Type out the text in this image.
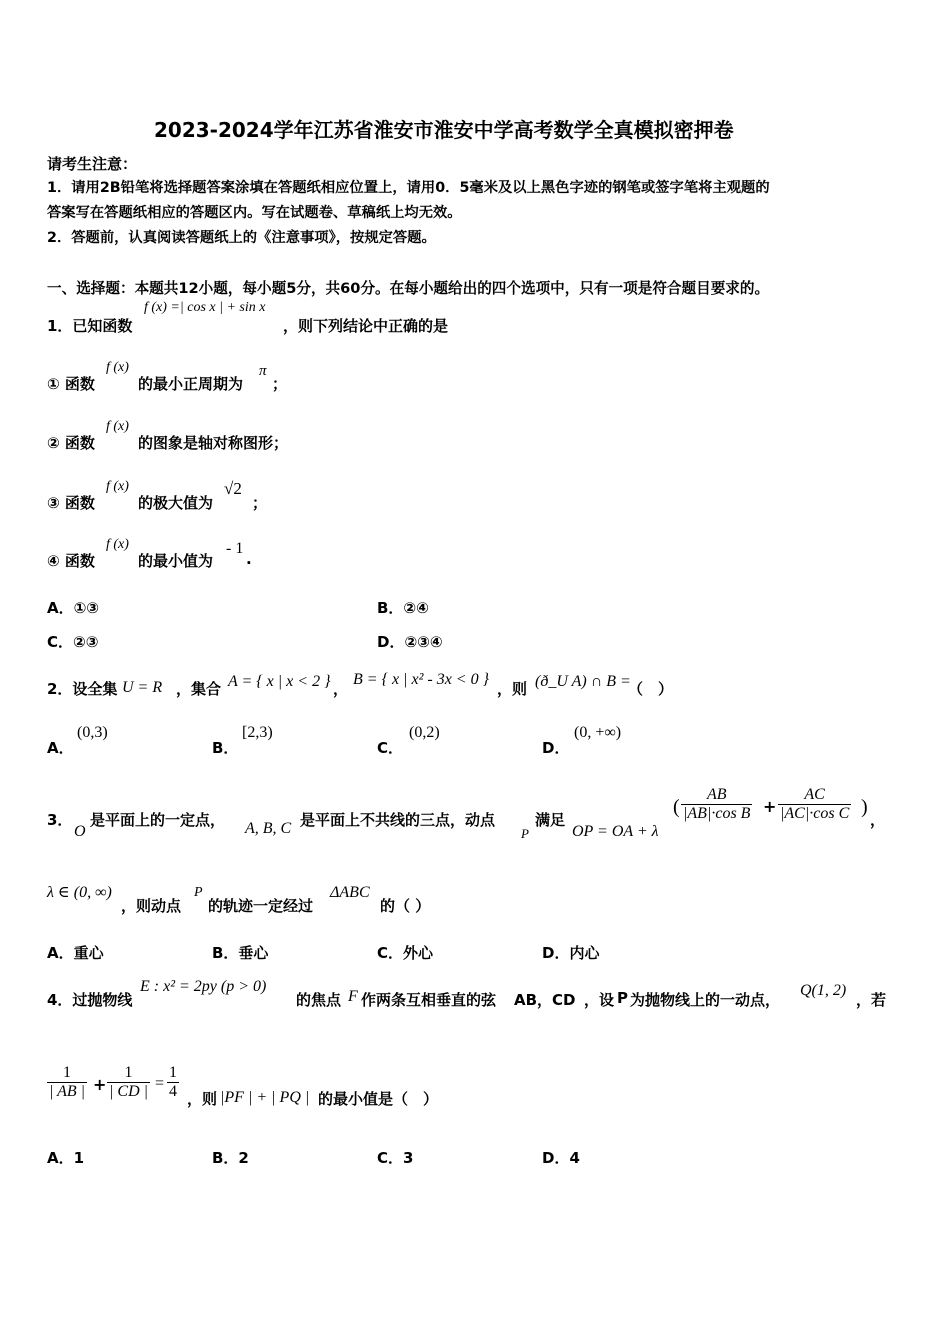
2023-2024学年江苏省淮安市淮安中学高考数学全真模拟密押卷
请考生注意：
1．请用2B铅笔将选择题答案涂填在答题纸相应位置上，请用0．5毫米及以上黑色字迹的钢笔或签字笔将主观题的
答案写在答题纸相应的答题区内。写在试题卷、草稿纸上均无效。
2．答题前，认真阅读答题纸上的《注意事项》，按规定答题。
一、选择题：本题共12小题，每小题5分，共60分。在每小题给出的四个选项中，只有一项是符合题目要求的。
1．已知函数
f (x) =| cos x | + sin x
，则下列结论中正确的是
① 函数
f (x)
的最小正周期为
π
；
② 函数
f (x)
的图象是轴对称图形；
③ 函数
f (x)
的极大值为
√2
；
④ 函数
f (x)
的最小值为
- 1
.
A．①③	B．②④
C．②③	D．②③④
2．设全集 U = R ，集合 A = { x | x < 2 } ，
B = { x | x² - 3x < 0 }
，则 (ð_U A) ∩ B =
（　）
A．
(0,3)
B．
[2,3)
C．
(0,2)
D．
(0, +∞)
3．
O
是平面上的一定点， A, B, C 是平面上不共线的三点，动点
P
满足
OP = OA + λ
( $\frac{AB}{\text{|AB|·cos B}} + \frac{AC}{\text{|AC|·cos C}}$ )
，
λ ∈ (0, ∞)
，则动点
P
的轨迹一定经过
ΔABC
的（ ）
A．重心	B．垂心	C．外心	D．内心
4．过抛物线
E : x² = 2py (p > 0)
的焦点 F 作两条互相垂直的弦 AB，CD ，设 P 为抛物线上的一动点，
Q(1, 2)
，若
$\frac{1}{| AB |} + \frac{1}{| CD |} = \frac{1}{4}$ ，则 |PF | + | PQ | 的最小值是（　）
A．1	B．2	C．3	D．4
